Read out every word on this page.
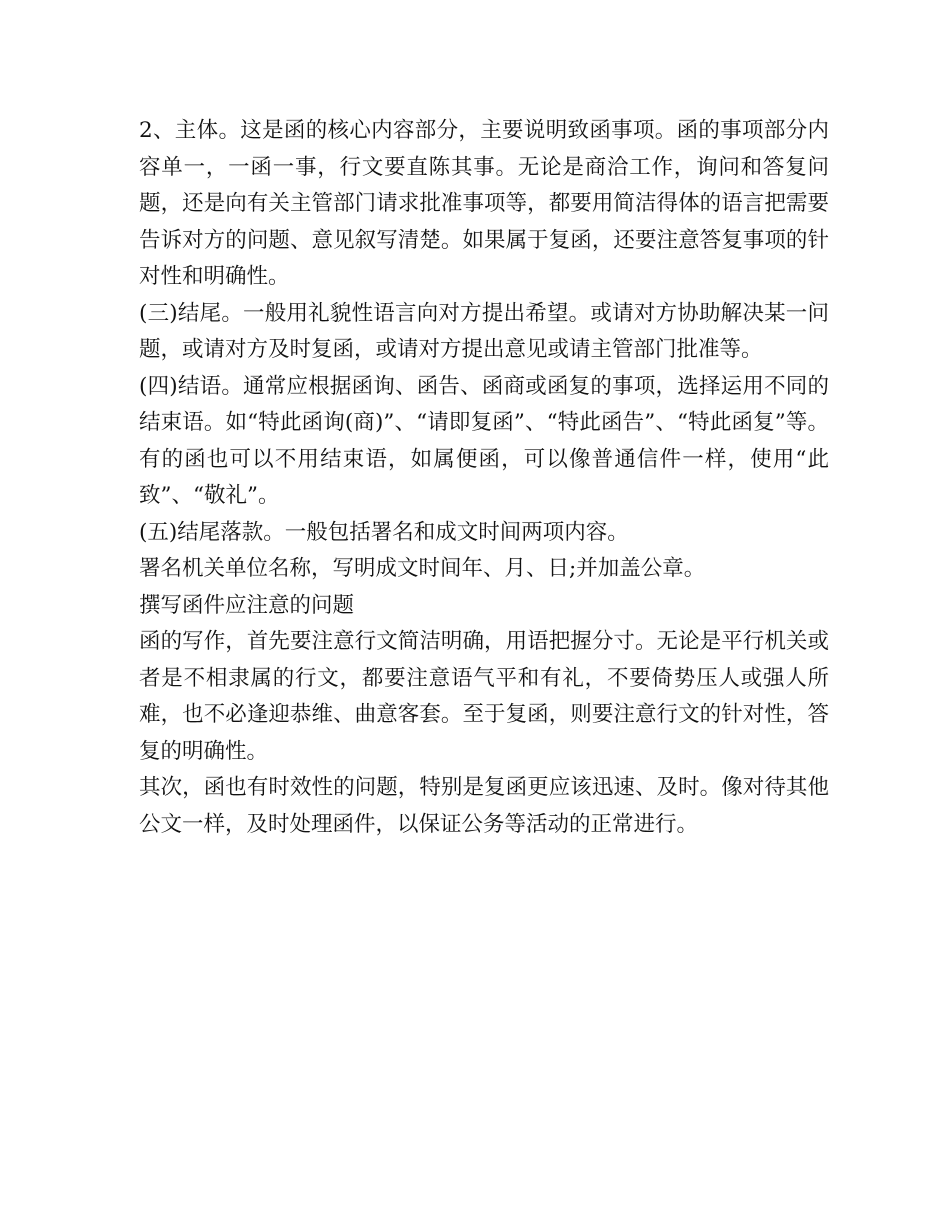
2、主体。这是函的核心内容部分，主要说明致函事项。函的事项部分内容单一，一函一事，行文要直陈其事。无论是商洽工作，询问和答复问题，还是向有关主管部门请求批准事项等，都要用简洁得体的语言把需要告诉对方的问题、意见叙写清楚。如果属于复函，还要注意答复事项的针对性和明确性。

(三)结尾。一般用礼貌性语言向对方提出希望。或请对方协助解决某一问题，或请对方及时复函，或请对方提出意见或请主管部门批准等。

(四)结语。通常应根据函询、函告、函商或函复的事项，选择运用不同的结束语。如“特此函询(商)”、“请即复函”、“特此函告”、“特此函复”等。有的函也可以不用结束语，如属便函，可以像普通信件一样，使用“此致”、“敬礼”。

(五)结尾落款。一般包括署名和成文时间两项内容。

署名机关单位名称，写明成文时间年、月、日;并加盖公章。

撰写函件应注意的问题

函的写作，首先要注意行文简洁明确，用语把握分寸。无论是平行机关或者是不相隶属的行文，都要注意语气平和有礼，不要倚势压人或强人所难，也不必逢迎恭维、曲意客套。至于复函，则要注意行文的针对性，答复的明确性。

其次，函也有时效性的问题，特别是复函更应该迅速、及时。像对待其他公文一样，及时处理函件，以保证公务等活动的正常进行。
